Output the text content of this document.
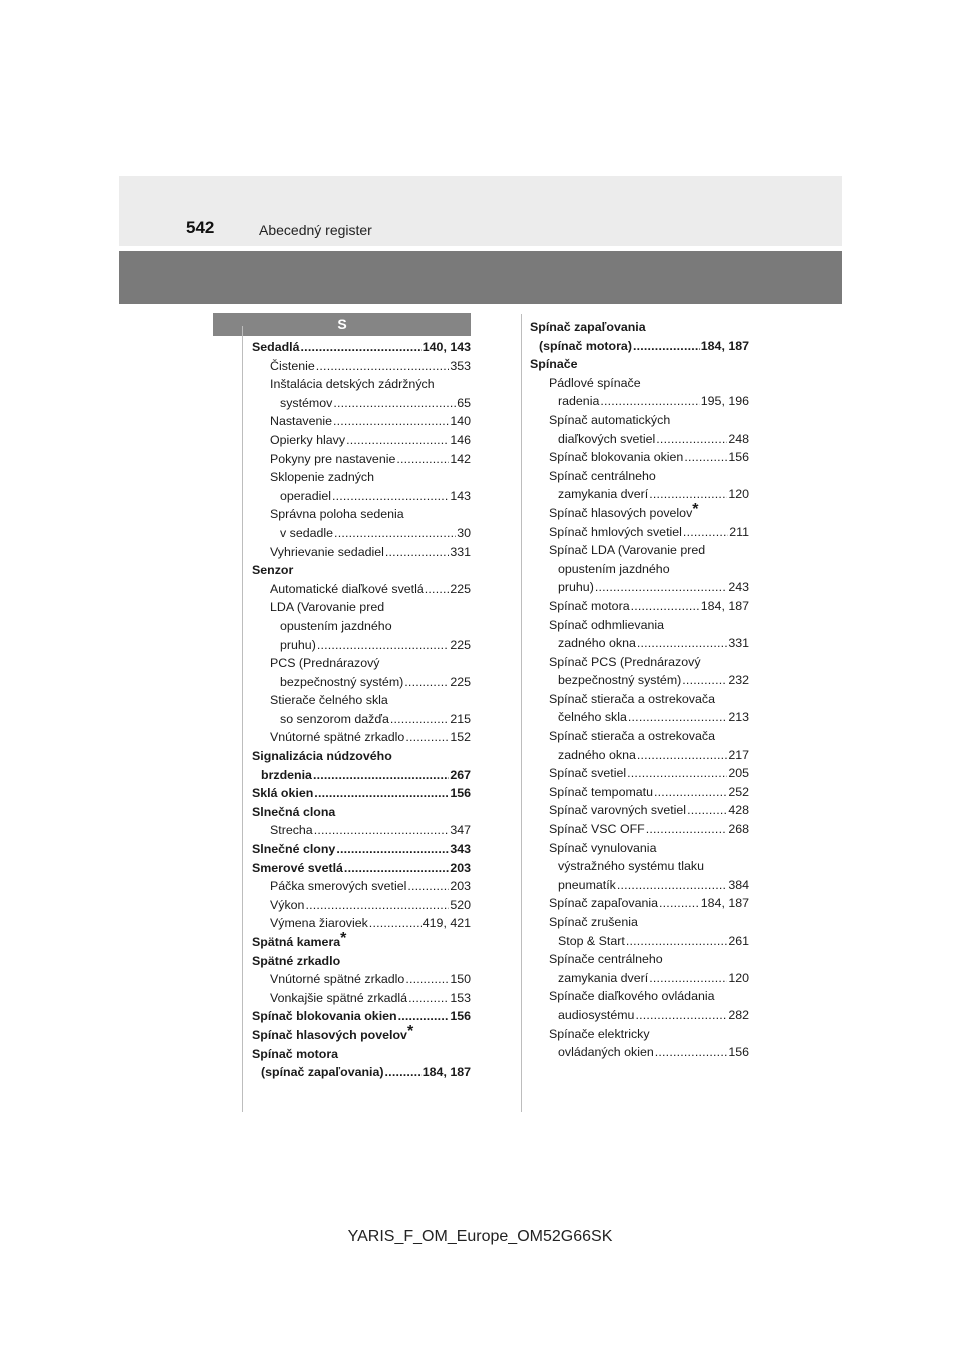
542	Abecedný register
S
Sedadlá .....	140, 143
Čistenie .....	353
Inštalácia detských zádržných
systémov .....	65
Nastavenie .....	140
Opierky hlavy .....	146
Pokyny pre nastavenie .....	142
Sklopenie zadných
operadiel .....	143
Správna poloha sedenia
v sedadle .....	30
Vyhrievanie sedadiel .....	331
Senzor
Automatické diaľkové svetlá ..... 225
LDA (Varovanie pred
opustením jazdného
pruhu) .....	225
PCS (Prednárazový
bezpečnostný systém) .....	225
Stierače čelného skla
so senzorom dažďa .....	215
Vnútorné spätné zrkadlo .....	152
Signalizácia núdzového
brzdenia .....	267
Sklá okien .....	156
Slnečná clona
Strecha .....	347
Slnečné clony .....	343
Smerové svetlá .....	203
Páčka smerových svetiel .....	203
Výkon .....	520
Výmena žiaroviek .....	419, 421
Spätná kamera*
Spätné zrkadlo
Vnútorné spätné zrkadlo .....	150
Vonkajšie spätné zrkadlá .....	153
Spínač blokovania okien .....	156
Spínač hlasových povelov*
Spínač motora
(spínač zapaľovania) .....	184, 187
Spínač zapaľovania
(spínač motora) .....	184, 187
Spínače
Pádlové spínače
radenia .....	195, 196
Spínač automatických
diaľkových svetiel .....	248
Spínač blokovania okien .....	156
Spínač centrálneho
zamykania dverí .....	120
Spínač hlasových povelov*
Spínač hmlových svetiel .....	211
Spínač LDA (Varovanie pred
opustením jazdného
pruhu) .....	243
Spínač motora .....	184, 187
Spínač odhmlievania
zadného okna .....	331
Spínač PCS (Prednárazový
bezpečnostný systém) .....	232
Spínač stierača a ostrekovača
čelného skla .....	213
Spínač stierača a ostrekovača
zadného okna .....	217
Spínač svetiel .....	205
Spínač tempomatu .....	252
Spínač varovných svetiel .....	428
Spínač VSC OFF .....	268
Spínač vynulovania
výstražného systému tlaku
pneumatík .....	384
Spínač zapaľovania .....	184, 187
Spínač zrušenia
Stop & Start .....	261
Spínače centrálneho
zamykania dverí .....	120
Spínače diaľkového ovládania
audiosystému .....	282
Spínače elektricky
ovládaných okien .....	156
YARIS_F_OM_Europe_OM52G66SK
